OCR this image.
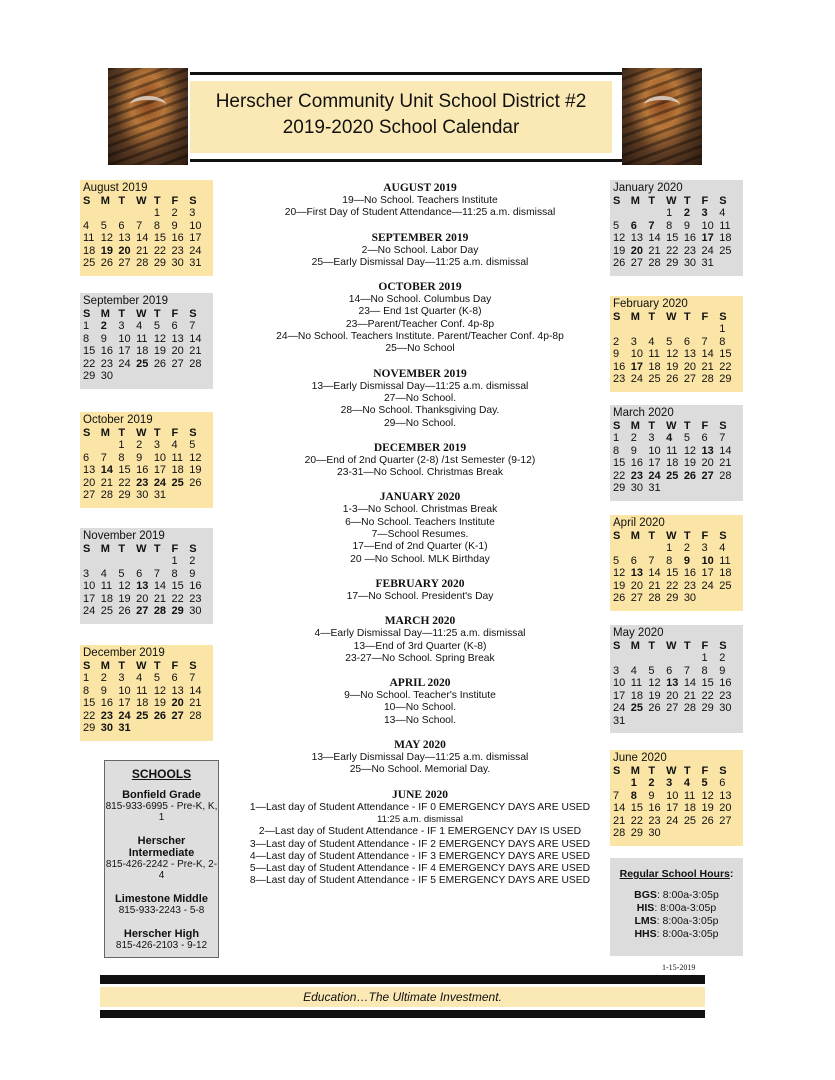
Herscher Community Unit School District #2
2019-2020 School Calendar
August 2019
S	M	T	W	T	F	S
				1	2	3
4	5	6	7	8	9	10
11	12	13	14	15	16	17
18	19	20	21	22	23	24
25	26	27	28	29	30	31
September 2019
S	M	T	W	T	F	S
1	2	3	4	5	6	7
8	9	10	11	12	13	14
15	16	17	18	19	20	21
22	23	24	25	26	27	28
29	30					
October 2019
S	M	T	W	T	F	S
		1	2	3	4	5
6	7	8	9	10	11	12
13	14	15	16	17	18	19
20	21	22	23	24	25	26
27	28	29	30	31		
November 2019
S	M	T	W	T	F	S
					1	2
3	4	5	6	7	8	9
10	11	12	13	14	15	16
17	18	19	20	21	22	23
24	25	26	27	28	29	30
December 2019
S	M	T	W	T	F	S
1	2	3	4	5	6	7
8	9	10	11	12	13	14
15	16	17	18	19	20	21
22	23	24	25	26	27	28
29	30	31				
January 2020
S	M	T	W	T	F	S
			1	2	3	4
5	6	7	8	9	10	11
12	13	14	15	16	17	18
19	20	21	22	23	24	25
26	27	28	29	30	31	
February 2020
S	M	T	W	T	F	S
						1
2	3	4	5	6	7	8
9	10	11	12	13	14	15
16	17	18	19	20	21	22
23	24	25	26	27	28	29
March 2020
S	M	T	W	T	F	S
1	2	3	4	5	6	7
8	9	10	11	12	13	14
15	16	17	18	19	20	21
22	23	24	25	26	27	28
29	30	31				
April 2020
S	M	T	W	T	F	S
			1	2	3	4
5	6	7	8	9	10	11
12	13	14	15	16	17	18
19	20	21	22	23	24	25
26	27	28	29	30		
May 2020
S	M	T	W	T	F	S
					1	2
3	4	5	6	7	8	9
10	11	12	13	14	15	16
17	18	19	20	21	22	23
24	25	26	27	28	29	30
31						
June 2020
S	M	T	W	T	F	S
	1	2	3	4	5	6
7	8	9	10	11	12	13
14	15	16	17	18	19	20
21	22	23	24	25	26	27
28	29	30				
AUGUST 2019
19—No School. Teachers Institute
20—First Day of Student Attendance—11:25 a.m. dismissal
SEPTEMBER 2019
2—No School. Labor Day
25—Early Dismissal Day—11:25 a.m. dismissal
OCTOBER 2019
14—No School. Columbus Day
23— End 1st Quarter (K-8)
23—Parent/Teacher Conf. 4p-8p
24—No School. Teachers Institute. Parent/Teacher Conf. 4p-8p
25—No School
NOVEMBER 2019
13—Early Dismissal Day—11:25 a.m. dismissal
27—No School.
28—No School. Thanksgiving Day.
29—No School.
DECEMBER 2019
20—End of 2nd Quarter (2-8) /1st Semester (9-12)
23-31—No School. Christmas Break
JANUARY 2020
1-3—No School. Christmas Break
6—No School. Teachers Institute
7—School Resumes.
17—End of 2nd Quarter (K-1)
20 —No School. MLK Birthday
FEBRUARY 2020
17—No School. President's Day
MARCH 2020
4—Early Dismissal Day—11:25 a.m. dismissal
13—End of 3rd Quarter (K-8)
23-27—No School. Spring Break
APRIL 2020
9—No School. Teacher's Institute
10—No School.
13—No School.
MAY 2020
13—Early Dismissal Day—11:25 a.m. dismissal
25—No School. Memorial Day.
JUNE 2020
1—Last day of Student Attendance - IF 0 EMERGENCY DAYS ARE USED
11:25 a.m. dismissal
2—Last day of Student Attendance - IF 1 EMERGENCY DAY IS USED
3—Last day of Student Attendance - IF 2 EMERGENCY DAYS ARE USED
4—Last day of Student Attendance - IF 3 EMERGENCY DAYS ARE USED
5—Last day of Student Attendance - IF 4 EMERGENCY DAYS ARE USED
8—Last day of Student Attendance - IF 5 EMERGENCY DAYS ARE USED
SCHOOLS
Bonfield Grade
815-933-6995 - Pre-K, K, 1
Herscher Intermediate
815-426-2242 - Pre-K, 2-4
Limestone Middle
815-933-2243 - 5-8
Herscher High
815-426-2103 - 9-12
Regular School Hours:
BGS: 8:00a-3:05p
HIS: 8:00a-3:05p
LMS: 8:00a-3:05p
HHS: 8:00a-3:05p
1-15-2019
Education…The Ultimate Investment.
